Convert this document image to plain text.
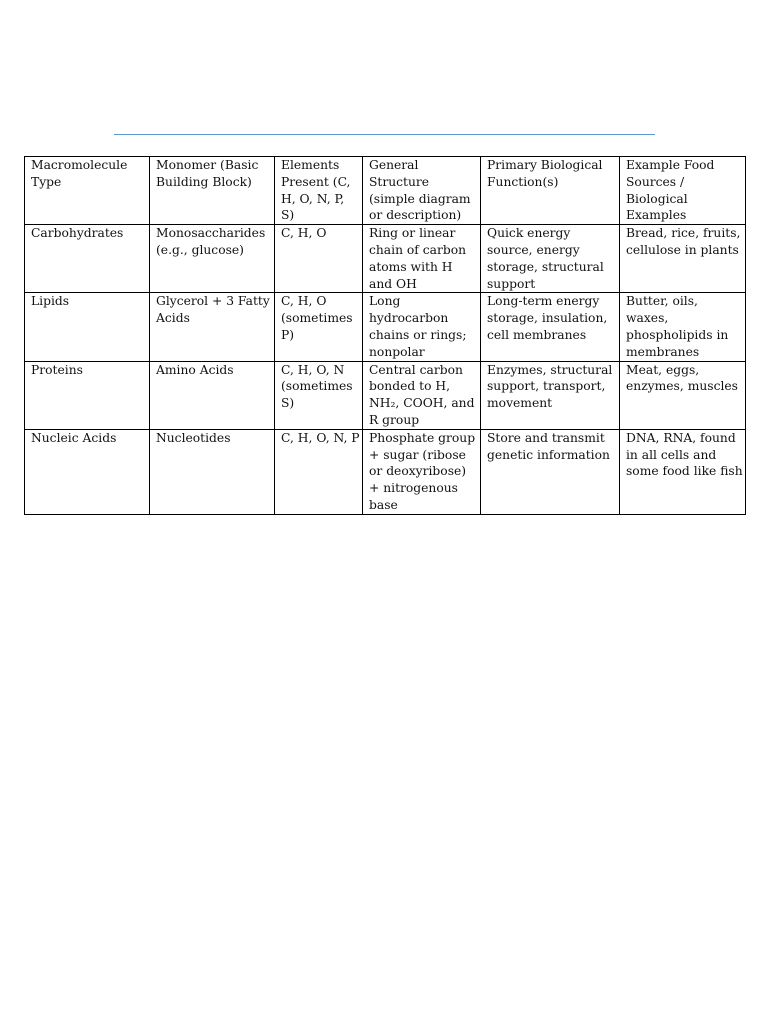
Macromolecule Type	Monomer (Basic Building Block)	Elements Present (C, H, O, N, P, S)	General Structure (simple diagram or description)	Primary Biological Function(s)	Example Food Sources / Biological Examples
Carbohydrates	Monosaccharides (e.g., glucose)	C, H, O	Ring or linear chain of carbon atoms with H and OH	Quick energy source, energy storage, structural support	Bread, rice, fruits, cellulose in plants
Lipids	Glycerol + 3 Fatty Acids	C, H, O (sometimes P)	Long hydrocarbon chains or rings; nonpolar	Long-term energy storage, insulation, cell membranes	Butter, oils, waxes, phospholipids in membranes
Proteins	Amino Acids	C, H, O, N (sometimes S)	Central carbon bonded to H, NH₂, COOH, and R group	Enzymes, structural support, transport, movement	Meat, eggs, enzymes, muscles
Nucleic Acids	Nucleotides	C, H, O, N, P	Phosphate group + sugar (ribose or deoxyribose) + nitrogenous base	Store and transmit genetic information	DNA, RNA, found in all cells and some food like fish
